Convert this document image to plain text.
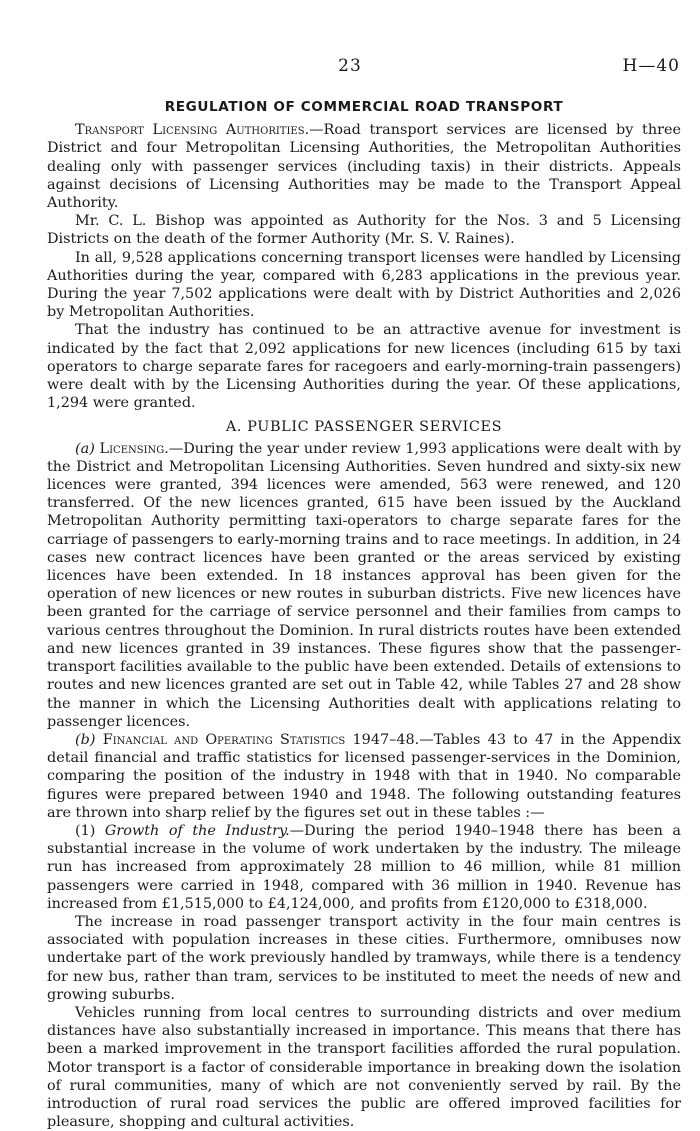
23	H—40
REGULATION OF COMMERCIAL ROAD TRANSPORT

Transport Licensing Authorities.—Road transport services are licensed by three District and four Metropolitan Licensing Authorities, the Metropolitan Authorities dealing only with passenger services (including taxis) in their districts. Appeals against decisions of Licensing Authorities may be made to the Transport Appeal Authority.

Mr. C. L. Bishop was appointed as Authority for the Nos. 3 and 5 Licensing Districts on the death of the former Authority (Mr. S. V. Raines).

In all, 9,528 applications concerning transport licenses were handled by Licensing Authorities during the year, compared with 6,283 applications in the previous year. During the year 7,502 applications were dealt with by District Authorities and 2,026 by Metropolitan Authorities.

That the industry has continued to be an attractive avenue for investment is indicated by the fact that 2,092 applications for new licences (including 615 by taxi operators to charge separate fares for racegoers and early-morning-train passengers) were dealt with by the Licensing Authorities during the year. Of these applications, 1,294 were granted.

A. PUBLIC PASSENGER SERVICES

(a) Licensing.—During the year under review 1,993 applications were dealt with by the District and Metropolitan Licensing Authorities. Seven hundred and sixty-six new licences were granted, 394 licences were amended, 563 were renewed, and 120 transferred. Of the new licences granted, 615 have been issued by the Auckland Metropolitan Authority permitting taxi-operators to charge separate fares for the carriage of passengers to early-morning trains and to race meetings. In addition, in 24 cases new contract licences have been granted or the areas serviced by existing licences have been extended. In 18 instances approval has been given for the operation of new licences or new routes in suburban districts. Five new licences have been granted for the carriage of service personnel and their families from camps to various centres throughout the Dominion. In rural districts routes have been extended and new licences granted in 39 instances. These figures show that the passenger-transport facilities available to the public have been extended. Details of extensions to routes and new licences granted are set out in Table 42, while Tables 27 and 28 show the manner in which the Licensing Authorities dealt with applications relating to passenger licences.

(b) Financial and Operating Statistics 1947–48.—Tables 43 to 47 in the Appendix detail financial and traffic statistics for licensed passenger-services in the Dominion, comparing the position of the industry in 1948 with that in 1940. No comparable figures were prepared between 1940 and 1948. The following outstanding features are thrown into sharp relief by the figures set out in these tables :—

(1) Growth of the Industry.—During the period 1940–1948 there has been a substantial increase in the volume of work undertaken by the industry. The mileage run has increased from approximately 28 million to 46 million, while 81 million passengers were carried in 1948, compared with 36 million in 1940. Revenue has increased from £1,515,000 to £4,124,000, and profits from £120,000 to £318,000.

The increase in road passenger transport activity in the four main centres is associated with population increases in these cities. Furthermore, omnibuses now undertake part of the work previously handled by tramways, while there is a tendency for new bus, rather than tram, services to be instituted to meet the needs of new and growing suburbs.

Vehicles running from local centres to surrounding districts and over medium distances have also substantially increased in importance. This means that there has been a marked improvement in the transport facilities afforded the rural population. Motor transport is a factor of considerable importance in breaking down the isolation of rural communities, many of which are not conveniently served by rail. By the introduction of rural road services the public are offered improved facilities for pleasure, shopping and cultural activities.
